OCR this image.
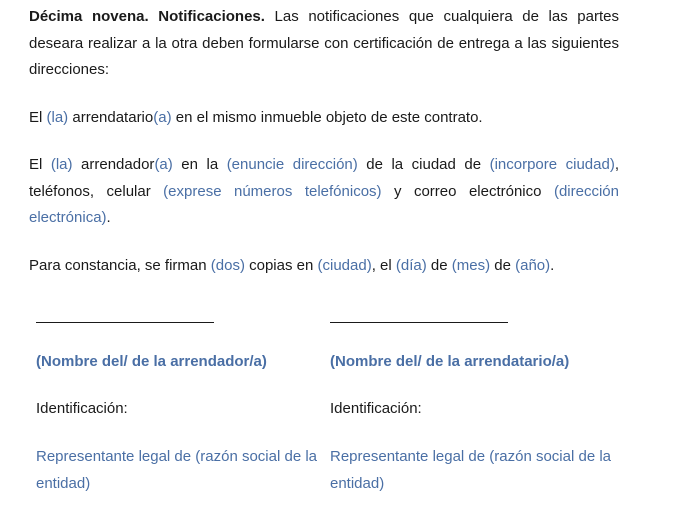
Décima novena. Notificaciones. Las notificaciones que cualquiera de las partes deseara realizar a la otra deben formularse con certificación de entrega a las siguientes direcciones:

El (la) arrendatario(a) en el mismo inmueble objeto de este contrato.

El (la) arrendador(a) en la (enuncie dirección) de la ciudad de (incorpore ciudad), teléfonos, celular (exprese números telefónicos) y correo electrónico (dirección electrónica).

Para constancia, se firman (dos) copias en (ciudad), el (día) de (mes) de (año).

(Nombre del/ de la arrendador/a)
Identificación:
Representante legal de (razón social de la entidad)
(Nombre del/ de la arrendatario/a)
Identificación:
Representante legal de (razón social de la entidad)
